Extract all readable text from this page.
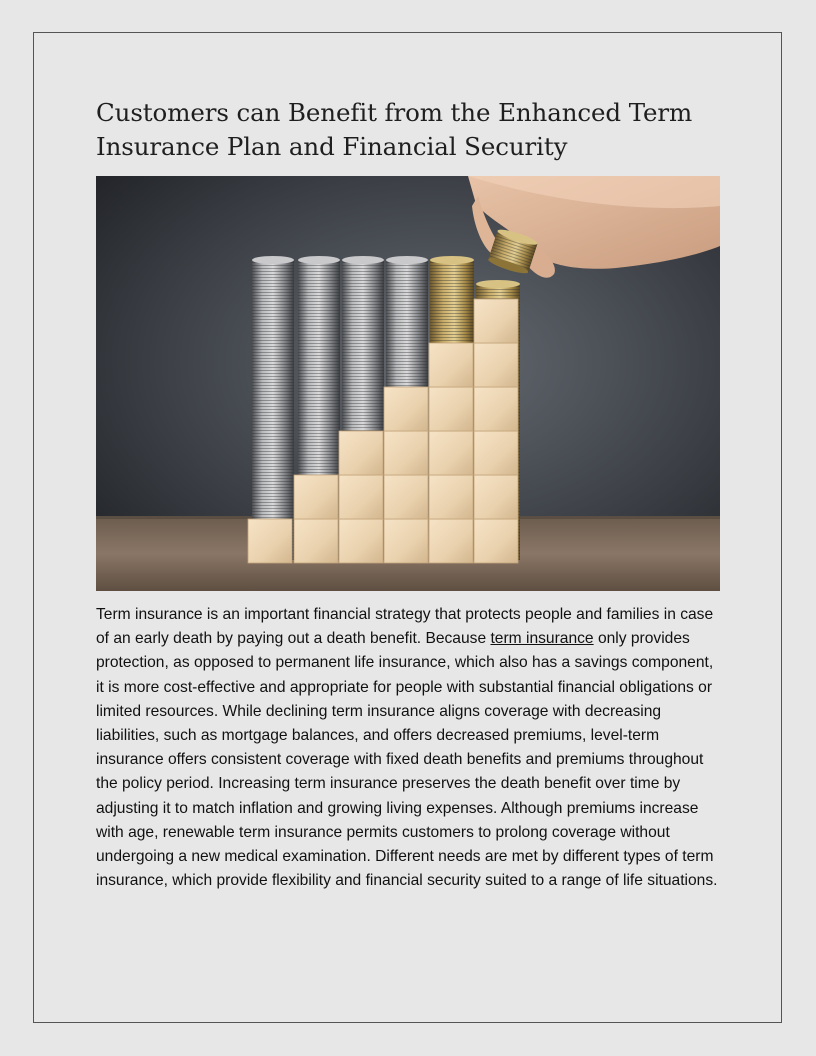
Customers can Benefit from the Enhanced Term Insurance Plan and Financial Security

Term insurance is an important financial strategy that protects people and families in case of an early death by paying out a death benefit. Because term insurance only provides protection, as opposed to permanent life insurance, which also has a savings component, it is more cost-effective and appropriate for people with substantial financial obligations or limited resources. While declining term insurance aligns coverage with decreasing liabilities, such as mortgage balances, and offers decreased premiums, level-term insurance offers consistent coverage with fixed death benefits and premiums throughout the policy period. Increasing term insurance preserves the death benefit over time by adjusting it to match inflation and growing living expenses. Although premiums increase with age, renewable term insurance permits customers to prolong coverage without undergoing a new medical examination. Different needs are met by different types of term insurance, which provide flexibility and financial security suited to a range of life situations.
